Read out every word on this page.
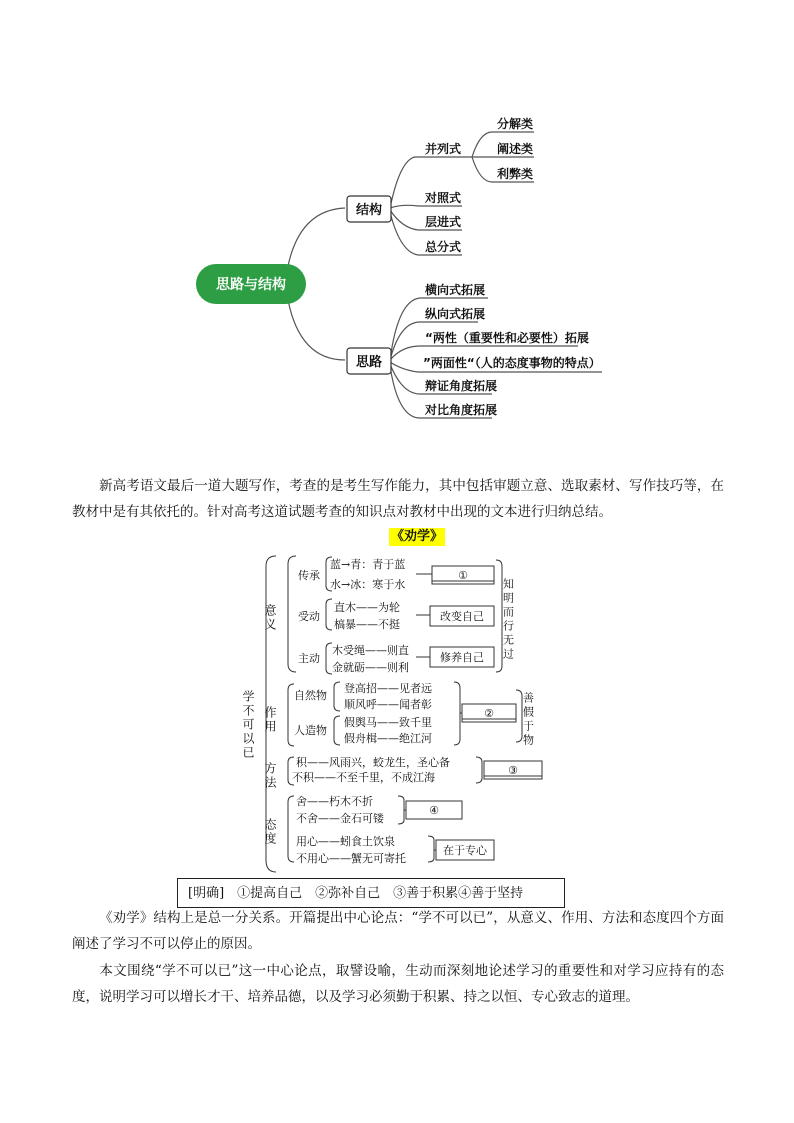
思路与结构
结构
思路
并列式
分解类
阐述类
利弊类
对照式
层进式
总分式
横向式拓展
纵向式拓展
“两性（重要性和必要性）拓展
”两面性“（人的态度事物的特点）
辩证角度拓展
对比角度拓展
新高考语文最后一道大题写作，考查的是考生写作能力，其中包括审题立意、选取素材、写作技巧等，在教材中是有其依托的。针对高考这道试题考查的知识点对教材中出现的文本进行归纳总结。
《劝学》
学不可以已
意义
作用
方法
态度
传承
受动
主动
蓝→青：青于蓝
水→冰：寒于水
直木——为轮
槁暴——不挺
木受绳——则直
金就砺——则利
①
改变自己
修养自己 知明而行无过
自然物
人造物
登高招——见者远
顺风呼——闻者彰
假舆马——致千里
假舟楫——绝江河
②	善假于物
积——风雨兴，蛟龙生，圣心备
不积——不至千里，不成江海
③
舍——朽木不折
不舍——金石可镂
④
用心——蚓食土饮泉
不用心——蟹无可寄托
在于专心
[明确]　①提高自己　②弥补自己　③善于积累④善于坚持
《劝学》结构上是总一分关系。开篇提出中心论点：“学不可以已”，从意义、作用、方法和态度四个方面阐述了学习不可以停止的原因。
本文围绕“学不可以已”这一中心论点，取譬设喻，生动而深刻地论述学习的重要性和对学习应持有的态度，说明学习可以增长才干、培养品德，以及学习必须勤于积累、持之以恒、专心致志的道理。
